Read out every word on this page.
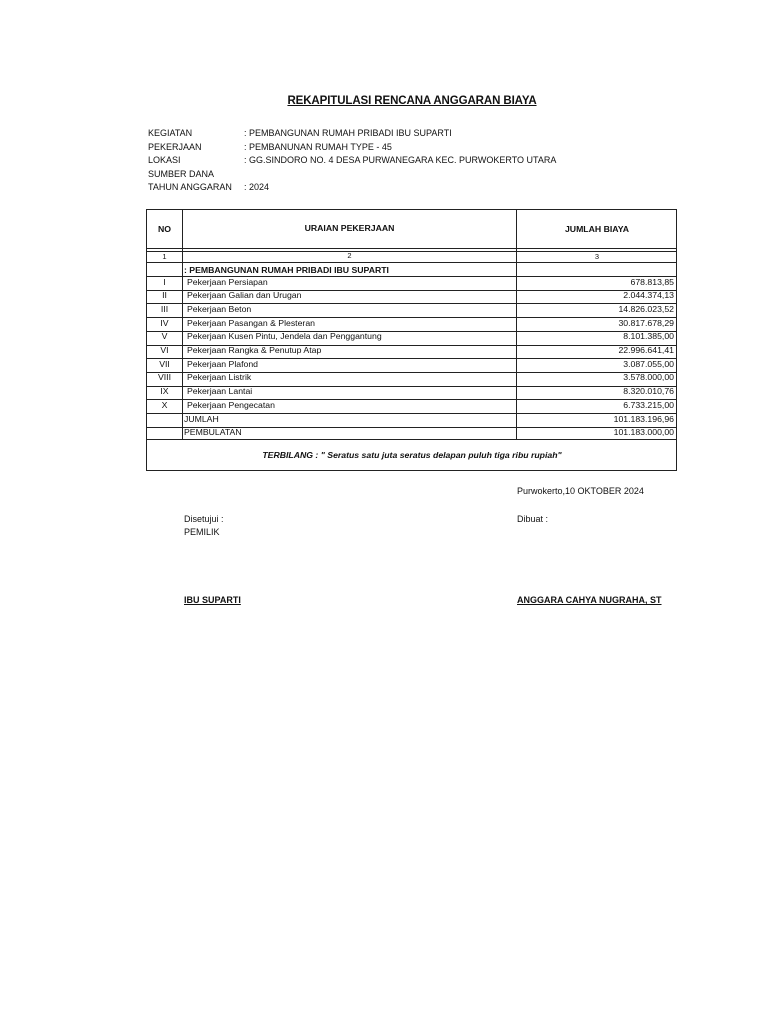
REKAPITULASI RENCANA ANGGARAN BIAYA
KEGIATAN	: PEMBANGUNAN RUMAH PRIBADI IBU SUPARTI
PEKERJAAN	: PEMBANUNAN RUMAH TYPE - 45
LOKASI	: GG.SINDORO NO. 4 DESA PURWANEGARA KEC. PURWOKERTO UTARA
SUMBER DANA
TAHUN ANGGARAN : 2024
NO	URAIAN PEKERJAAN	JUMLAH BIAYA
1	2	3
: PEMBANGUNAN RUMAH PRIBADI IBU SUPARTI
I	Pekerjaan Persiapan	678.813,85
II	Pekerjaan Galian dan Urugan	2.044.374,13
III	Pekerjaan Beton	14.826.023,52
IV	Pekerjaan Pasangan & Plesteran	30.817.678,29
V	Pekerjaan Kusen Pintu, Jendela dan Penggantung	8.101.385,00
VI	Pekerjaan Rangka & Penutup Atap	22.996.641,41
VII	Pekerjaan Plafond	3.087.055,00
VIII	Pekerjaan Listrik	3.578.000,00
IX	Pekerjaan Lantai	8.320.010,76
X	Pekerjaan Pengecatan	6.733.215,00
JUMLAH	101.183.196,96
PEMBULATAN	101.183.000,00
TERBILANG : " Seratus satu juta seratus delapan puluh tiga ribu rupiah"
Purwokerto,10 OKTOBER 2024
Disetujui :
PEMILIK
Dibuat :
IBU SUPARTI	ANGGARA CAHYA NUGRAHA, ST
